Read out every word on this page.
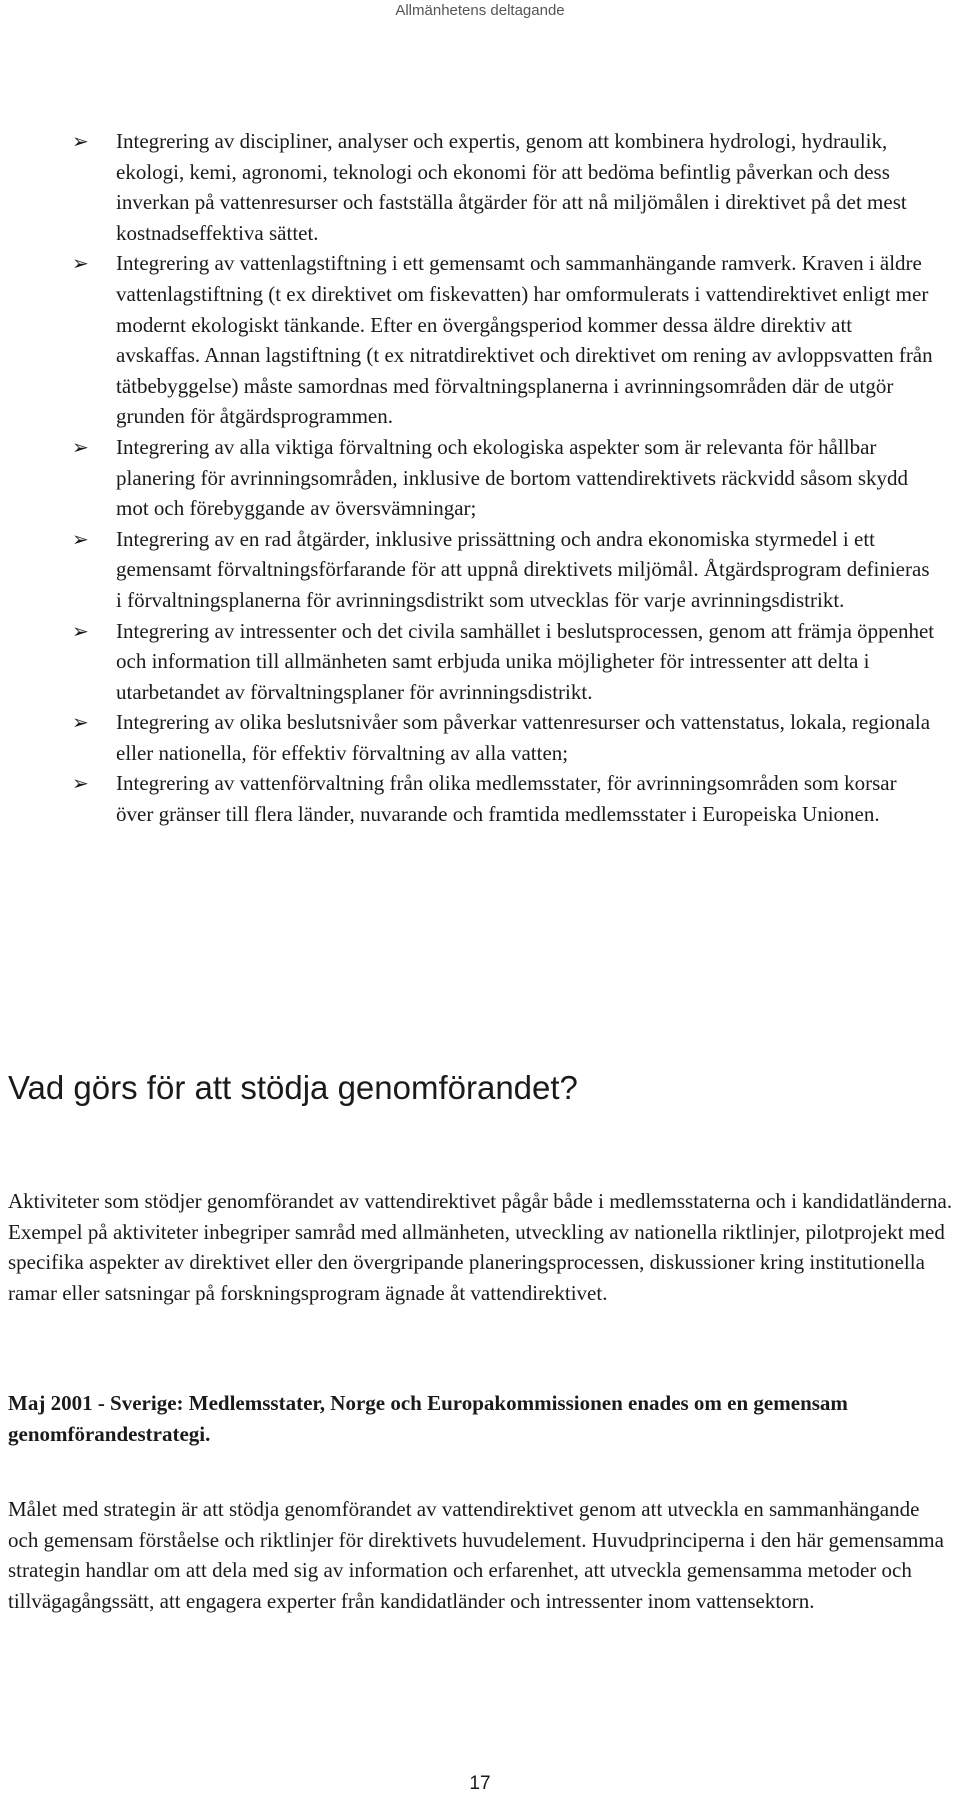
Allmänhetens deltagande
➢	Integrering av discipliner, analyser och expertis, genom att kombinera hydrologi, hydraulik, ekologi, kemi, agronomi, teknologi och ekonomi för att bedöma befintlig påverkan och dess inverkan på vattenresurser och fastställa åtgärder för att nå miljömålen i direktivet på det mest kostnadseffektiva sättet.
➢	Integrering av vattenlagstiftning i ett gemensamt och sammanhängande ramverk. Kraven i äldre vattenlagstiftning (t ex direktivet om fiskevatten) har omformulerats i vattendirektivet enligt mer modernt ekologiskt tänkande. Efter en övergångsperiod kommer dessa äldre direktiv att avskaffas. Annan lagstiftning (t ex nitratdirektivet och direktivet om rening av avloppsvatten från tätbebyggelse) måste samordnas med förvaltningsplanerna i avrinningsområden där de utgör grunden för åtgärdsprogrammen.
➢	Integrering av alla viktiga förvaltning och ekologiska aspekter som är relevanta för hållbar planering för avrinningsområden, inklusive de bortom vattendirektivets räckvidd såsom skydd mot och förebyggande av översvämningar;
➢	Integrering av en rad åtgärder, inklusive prissättning och andra ekonomiska styrmedel i ett gemensamt förvaltningsförfarande för att uppnå direktivets miljömål. Åtgärdsprogram definieras i förvaltningsplanerna för avrinningsdistrikt som utvecklas för varje avrinningsdistrikt.
➢	Integrering av intressenter och det civila samhället i beslutsprocessen, genom att främja öppenhet och information till allmänheten samt erbjuda unika möjligheter för intressenter att delta i utarbetandet av förvaltningsplaner för avrinningsdistrikt.
➢	Integrering av olika beslutsnivåer som påverkar vattenresurser och vattenstatus, lokala, regionala eller nationella, för effektiv förvaltning av alla vatten;
➢	Integrering av vattenförvaltning från olika medlemsstater, för avrinningsområden som korsar över gränser till flera länder, nuvarande och framtida medlemsstater i Europeiska Unionen.
Vad görs för att stödja genomförandet?

Aktiviteter som stödjer genomförandet av vattendirektivet pågår både i medlemsstaterna och i kandidatländerna. Exempel på aktiviteter inbegriper samråd med allmänheten, utveckling av nationella riktlinjer, pilotprojekt med specifika aspekter av direktivet eller den övergripande planeringsprocessen, diskussioner kring institutionella ramar eller satsningar på forskningsprogram ägnade åt vattendirektivet.

Maj 2001 - Sverige: Medlemsstater, Norge och Europakommissionen enades om en gemensam genomförandestrategi.

Målet med strategin är att stödja genomförandet av vattendirektivet genom att utveckla en sammanhängande och gemensam förståelse och riktlinjer för direktivets huvudelement. Huvudprinciperna i den här gemensamma strategin handlar om att dela med sig av information och erfarenhet, att utveckla gemensamma metoder och tillvägagångssätt, att engagera experter från kandidatländer och intressenter inom vattensektorn.

17
